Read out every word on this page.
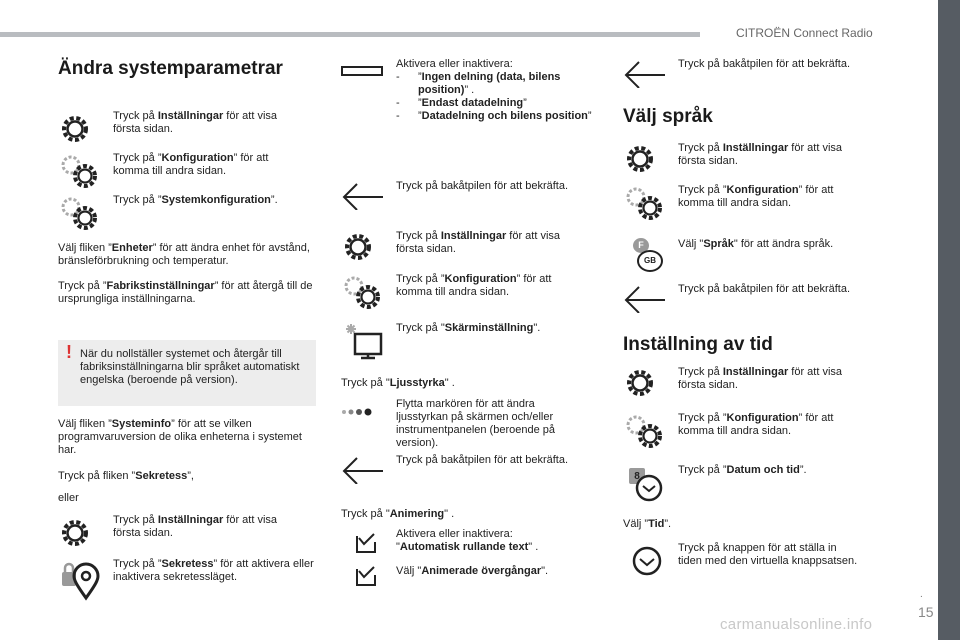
CITROËN Connect Radio
.
15
carmanualsonline.info
Ändra systemparametrar
Tryck på Inställningar för att visa första sidan.
Tryck på ”Konfiguration” för att komma till andra sidan.
Tryck på ”Systemkonfiguration”.
Välj fliken ”Enheter” för att ändra enhet för avstånd, bränsleförbrukning och temperatur.
Tryck på ”Fabrikstinställningar” för att återgå till de ursprungliga inställningarna.
! När du nollställer systemet och återgår till fabriksinställningarna blir språket automatiskt engelska (beroende på version).
Välj fliken ”Systeminfo” för att se vilken programvaruversion de olika enheterna i systemet har.
Tryck på fliken ”Sekretess”,
eller
Tryck på Inställningar för att visa första sidan.
Tryck på ”Sekretess” för att aktivera eller inaktivera sekretessläget.
Aktivera eller inaktivera:
-	”Ingen delning (data, bilens position)” .
-	”Endast datadelning”
-	”Datadelning och bilens position”
Tryck på bakåtpilen för att bekräfta.
Tryck på Inställningar för att visa första sidan.
Tryck på ”Konfiguration” för att komma till andra sidan.
Tryck på "Skärminställning".
Tryck på "Ljusstyrka" .
Flytta markören för att ändra ljusstyrkan på skärmen och/eller instrumentpanelen (beroende på version).
Tryck på bakåtpilen för att bekräfta.
Tryck på "Animering" .
Aktivera eller inaktivera:
"Automatisk rullande text" .
Välj "Animerade övergångar".
Tryck på bakåtpilen för att bekräfta.
Välj språk
Tryck på Inställningar för att visa första sidan.
Tryck på ”Konfiguration” för att komma till andra sidan.
F
GB
Välj "Språk" för att ändra språk.
Tryck på bakåtpilen för att bekräfta.
Inställning av tid
Tryck på Inställningar för att visa första sidan.
Tryck på ”Konfiguration” för att komma till andra sidan.
8
Tryck på ”Datum och tid”.
Välj ”Tid”.
Tryck på knappen för att ställa in tiden med den virtuella knappsatsen.
